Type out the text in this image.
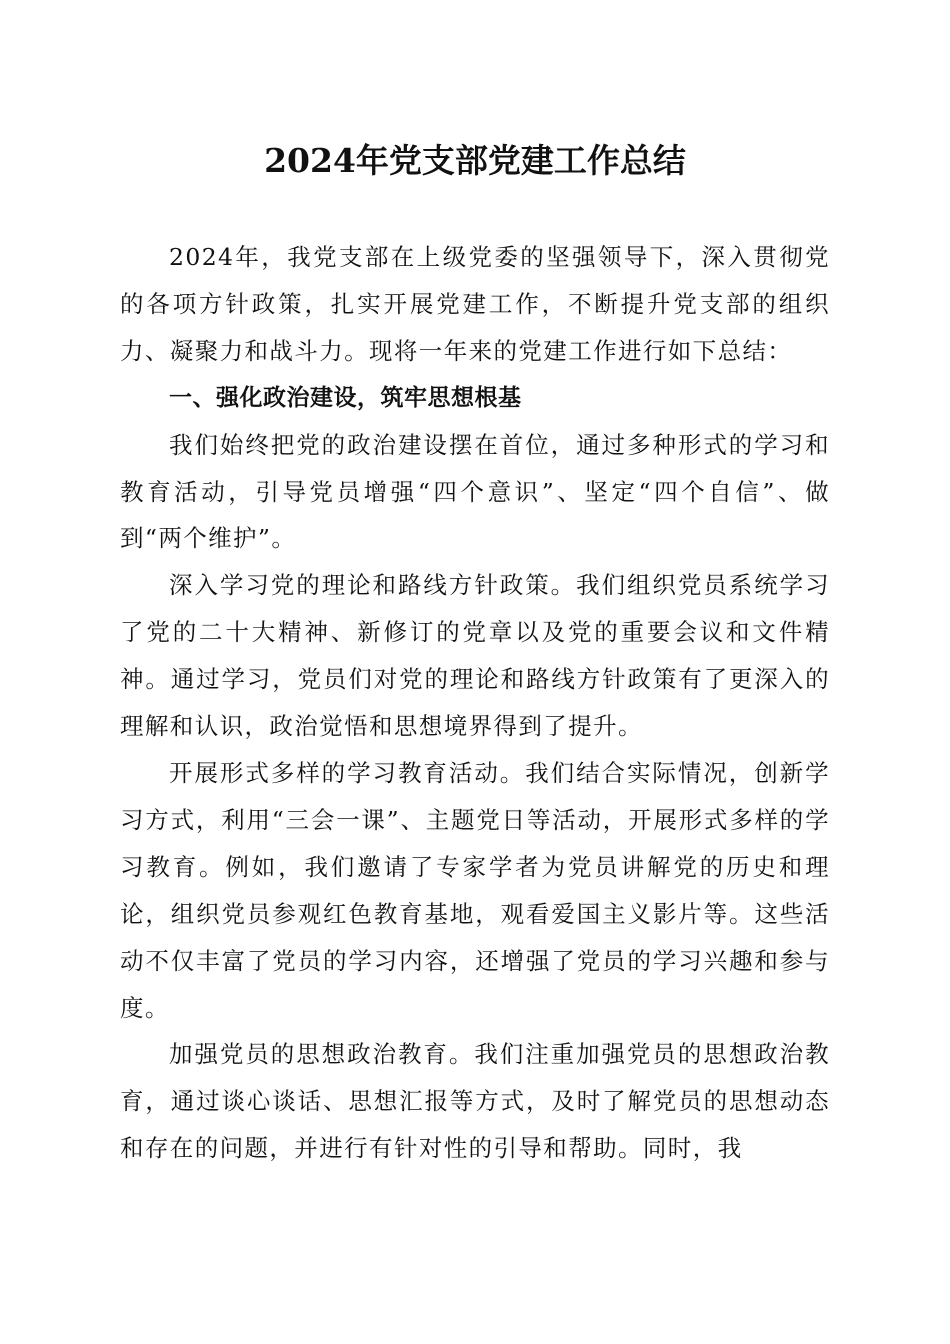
2024年党支部党建工作总结

2024年，我党支部在上级党委的坚强领导下，深入贯彻党的各项方针政策，扎实开展党建工作，不断提升党支部的组织力、凝聚力和战斗力。现将一年来的党建工作进行如下总结：

一、强化政治建设，筑牢思想根基

我们始终把党的政治建设摆在首位，通过多种形式的学习和教育活动，引导党员增强“四个意识”、坚定“四个自信”、做到“两个维护”。

深入学习党的理论和路线方针政策。我们组织党员系统学习了党的二十大精神、新修订的党章以及党的重要会议和文件精神。通过学习，党员们对党的理论和路线方针政策有了更深入的理解和认识，政治觉悟和思想境界得到了提升。

开展形式多样的学习教育活动。我们结合实际情况，创新学习方式，利用“三会一课”、主题党日等活动，开展形式多样的学习教育。例如，我们邀请了专家学者为党员讲解党的历史和理论，组织党员参观红色教育基地，观看爱国主义影片等。这些活动不仅丰富了党员的学习内容，还增强了党员的学习兴趣和参与度。

加强党员的思想政治教育。我们注重加强党员的思想政治教育，通过谈心谈话、思想汇报等方式，及时了解党员的思想动态和存在的问题，并进行有针对性的引导和帮助。同时，我
